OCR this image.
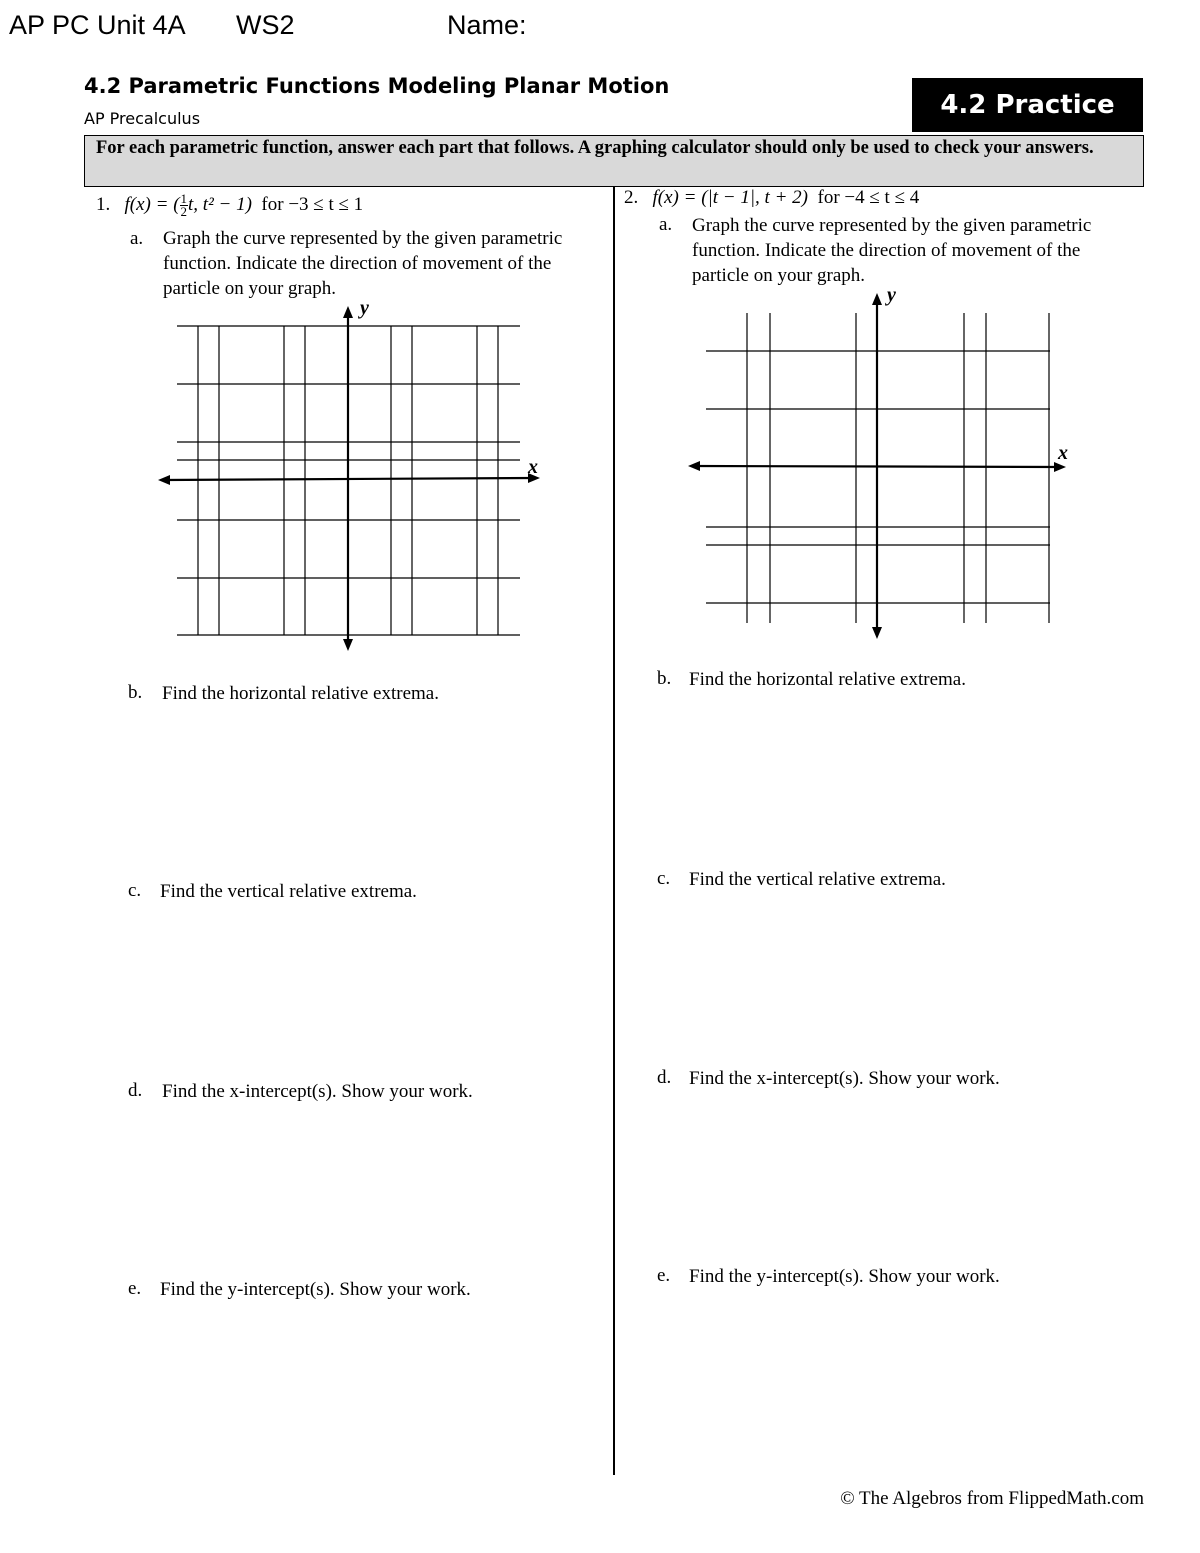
AP PC Unit 4A WS2	Name:
4.2 Parametric Functions Modeling Planar Motion
AP Precalculus	4.2 Practice
For each parametric function, answer each part that follows. A graphing calculator should only be used to check your answers.
1. f(x) = ( $\frac{1}{2} t$, t² − 1) for −3 ≤ t ≤ 1
a. Graph the curve represented by the given parametric function. Indicate the direction of movement of the particle on your graph.
x
y
b. Find the horizontal relative extrema.
c. Find the vertical relative extrema.
d. Find the x-intercept(s). Show your work.
e. Find the y-intercept(s). Show your work.
2. f(x) = (|t − 1|, t + 2) for −4 ≤ t ≤ 4
a. Graph the curve represented by the given parametric function. Indicate the direction of movement of the particle on your graph.
x
y
b. Find the horizontal relative extrema.
c. Find the vertical relative extrema.
d. Find the x-intercept(s). Show your work.
e. Find the y-intercept(s). Show your work.
© The Algebros from FlippedMath.com
